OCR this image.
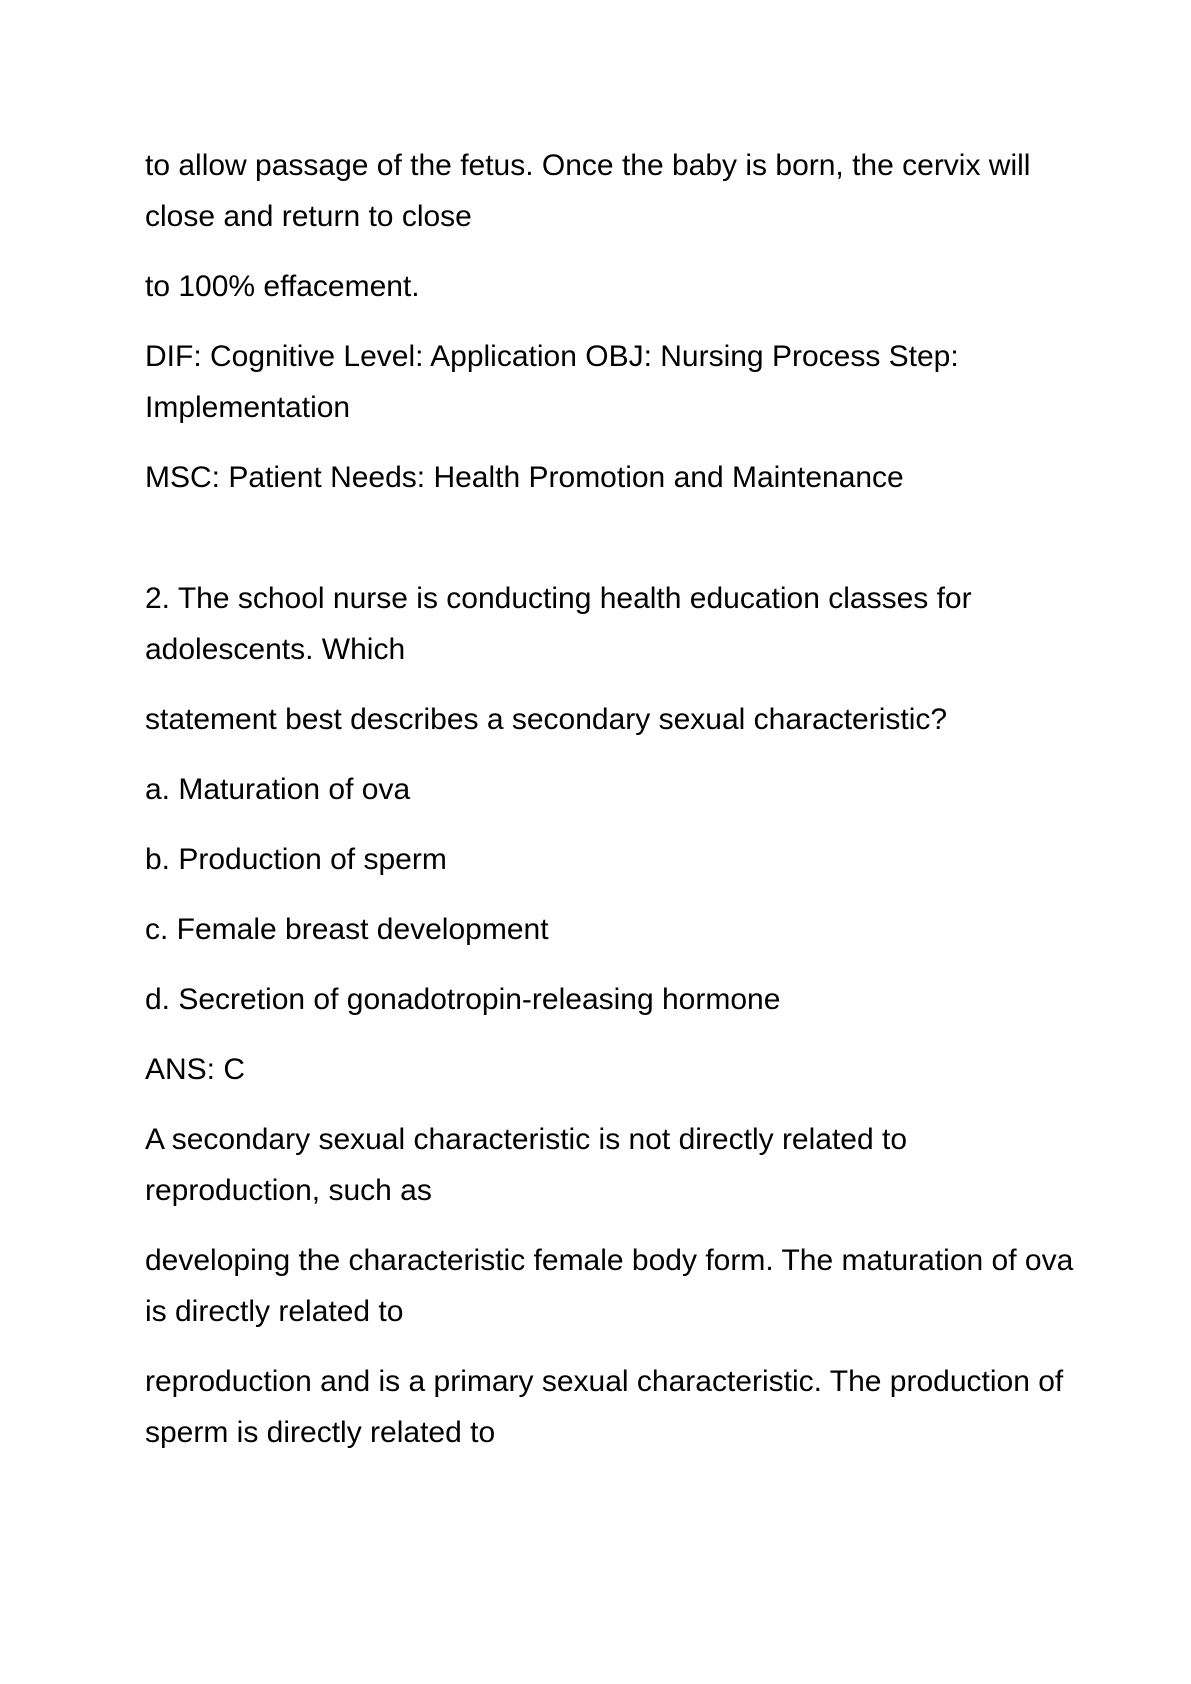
to allow passage of the fetus. Once the baby is born, the cervix will close and return to close

to 100% effacement.

DIF: Cognitive Level: Application OBJ: Nursing Process Step: Implementation

MSC: Patient Needs: Health Promotion and Maintenance

2. The school nurse is conducting health education classes for adolescents. Which

statement best describes a secondary sexual characteristic?

a. Maturation of ova

b. Production of sperm

c. Female breast development

d. Secretion of gonadotropin-releasing hormone

ANS: C

A secondary sexual characteristic is not directly related to reproduction, such as

developing the characteristic female body form. The maturation of ova is directly related to

reproduction and is a primary sexual characteristic. The production of sperm is directly related to
